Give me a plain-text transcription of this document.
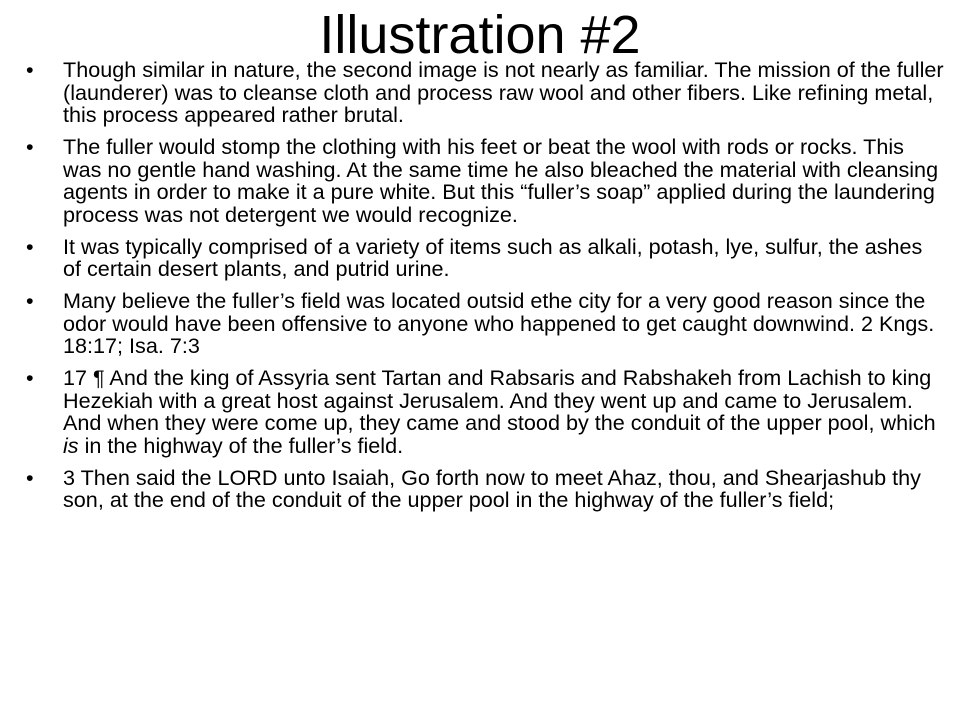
Illustration #2
•	Though similar in nature, the second image is not nearly as familiar. The mission of the fuller (launderer) was to cleanse cloth and process raw wool and other fibers. Like refining metal, this process appeared rather brutal.
•	The fuller would stomp the clothing with his feet or beat the wool with rods or rocks. This was no gentle hand washing. At the same time he also bleached the material with cleansing agents in order to make it a pure white. But this “fuller’s soap” applied during the laundering process was not detergent we would recognize.
•	It was typically comprised of a variety of items such as alkali, potash, lye, sulfur, the ashes of certain desert plants, and putrid urine.
•	Many believe the fuller’s field was located outsid ethe city for a very good reason since the odor would have been offensive to anyone who happened to get caught downwind. 2 Kngs. 18:17; Isa. 7:3
•	17 ¶ And the king of Assyria sent Tartan and Rabsaris and Rabshakeh from Lachish to king Hezekiah with a great host against Jerusalem. And they went up and came to Jerusalem. And when they were come up, they came and stood by the conduit of the upper pool, which is in the highway of the fuller’s field.
•	3 Then said the LORD unto Isaiah, Go forth now to meet Ahaz, thou, and Shearjashub thy son, at the end of the conduit of the upper pool in the highway of the fuller’s field;
